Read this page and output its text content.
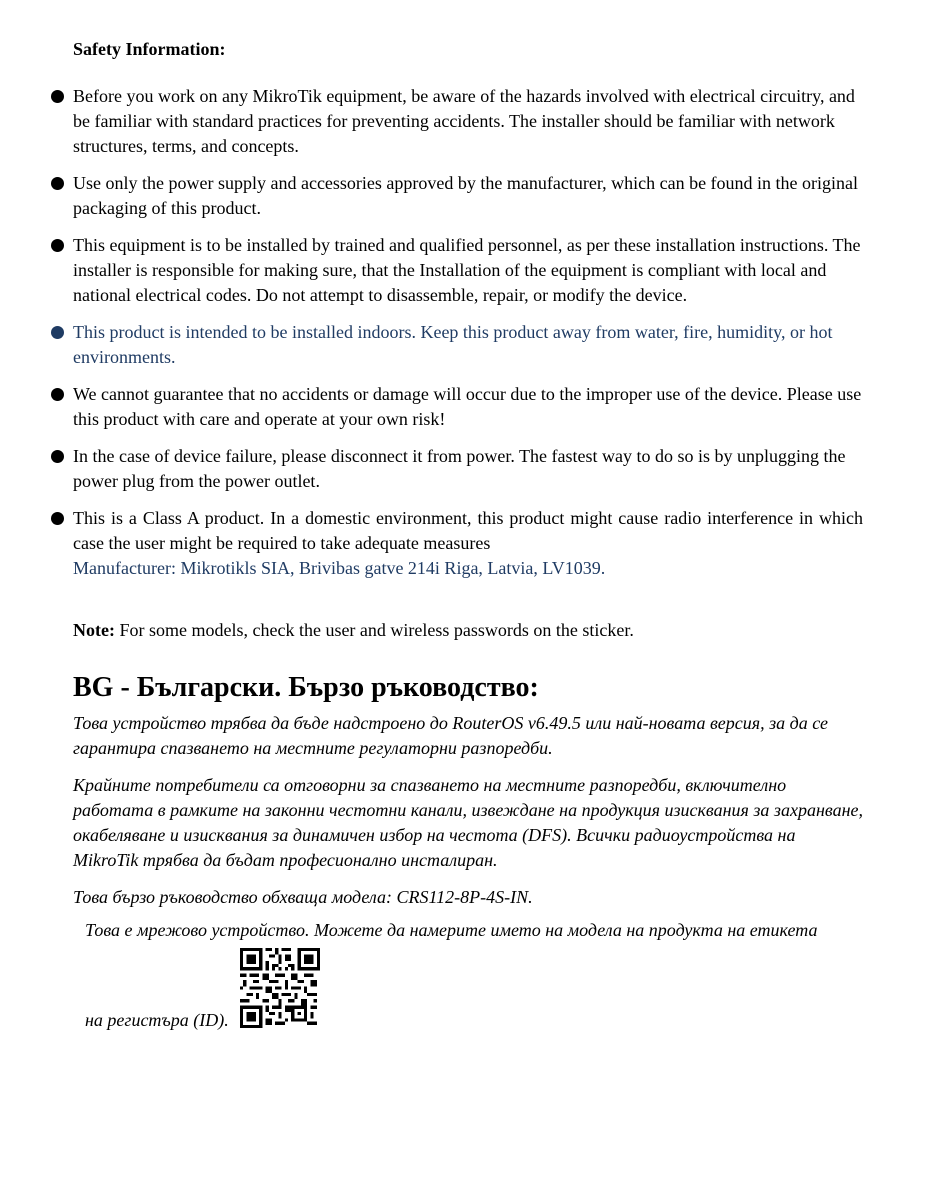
Safety Information:

Before you work on any MikroTik equipment, be aware of the hazards involved with electrical circuitry, and be familiar with standard practices for preventing accidents. The installer should be familiar with network structures, terms, and concepts.
Use only the power supply and accessories approved by the manufacturer, which can be found in the original packaging of this product.
This equipment is to be installed by trained and qualified personnel, as per these installation instructions. The installer is responsible for making sure, that the Installation of the equipment is compliant with local and national electrical codes. Do not attempt to disassemble, repair, or modify the device.
This product is intended to be installed indoors. Keep this product away from water, fire, humidity, or hot environments.
We cannot guarantee that no accidents or damage will occur due to the improper use of the device. Please use this product with care and operate at your own risk!
In the case of device failure, please disconnect it from power. The fastest way to do so is by unplugging the power plug from the power outlet.
This is a Class A product. In a domestic environment, this product might cause radio interference in which case the user might be required to take adequate measures
Manufacturer: Mikrotikls SIA, Brivibas gatve 214i Riga, Latvia, LV1039.

Note: For some models, check the user and wireless passwords on the sticker.

BG - Български. Бързо ръководство:

Това устройство трябва да бъде надстроено до RouterOS v6.49.5 или най-новата версия, за да се гарантира спазването на местните регулаторни разпоредби.

Крайните потребители са отговорни за спазването на местните разпоредби, включително работата в рамките на законни честотни канали, извеждане на продукция изисквания за захранване, окабеляване и изисквания за динамичен избор на честота (DFS). Всички радиоустройства на MikroTik трябва да бъдат професионално инсталиран.

Това бързо ръководство обхваща модела: CRS112-8P-4S-IN.

Това е мрежово устройство. Можете да намерите името на модела на продукта на етикета
на регистъра (ID).
